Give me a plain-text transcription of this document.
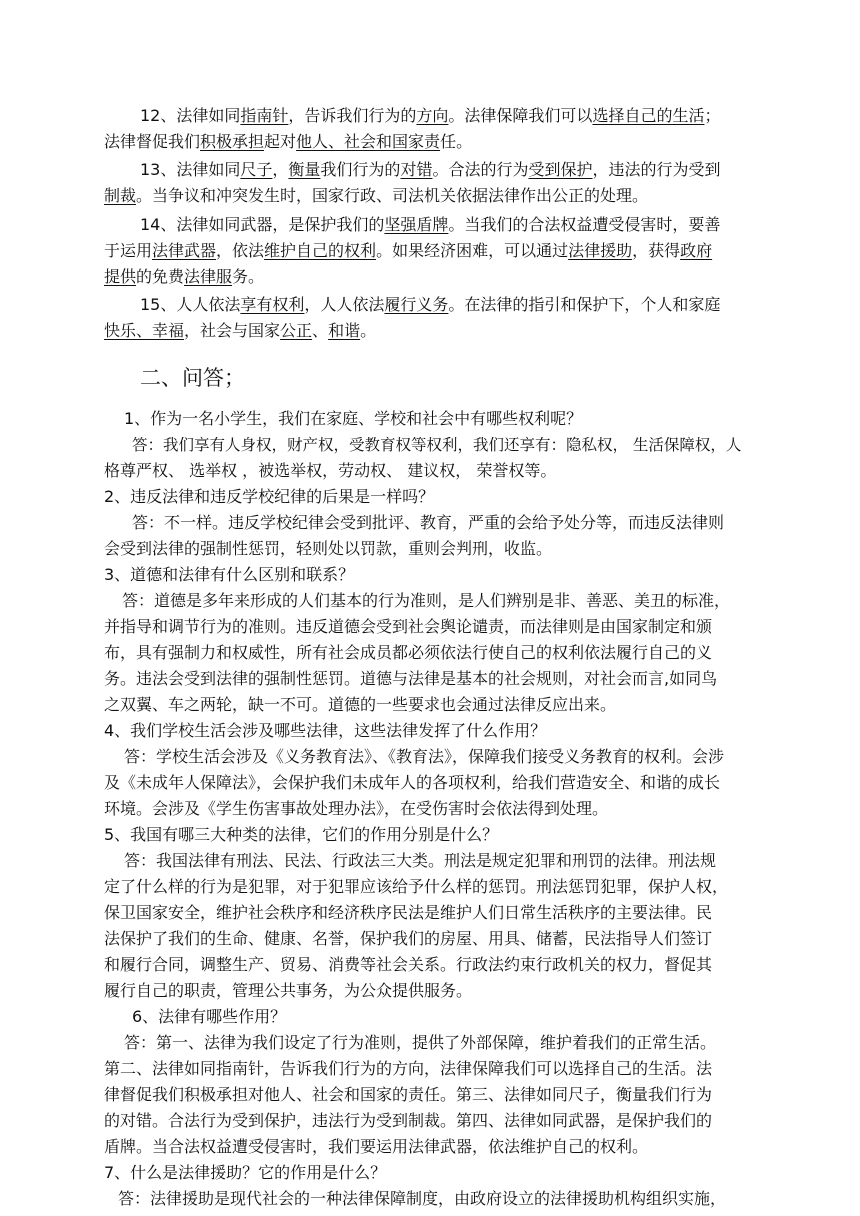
12、法律如同指南针，告诉我们行为的方向。法律保障我们可以选择自己的生活；
法律督促我们积极承担起对他人、社会和国家责任。
13、法律如同尺子，衡量我们行为的对错。合法的行为受到保护，违法的行为受到
制裁。当争议和冲突发生时，国家行政、司法机关依据法律作出公正的处理。
14、法律如同武器，是保护我们的坚强盾牌。当我们的合法权益遭受侵害时，要善
于运用法律武器，依法维护自己的权利。如果经济困难，可以通过法律援助，获得政府
提供的免费法律服务。
15、人人依法享有权利，人人依法履行义务。在法律的指引和保护下，个人和家庭
快乐、幸福，社会与国家公正、和谐。
二、问答；
1、作为一名小学生，我们在家庭、学校和社会中有哪些权利呢？
答：我们享有人身权，财产权，受教育权等权利，我们还享有：隐私权， 生活保障权，人
格尊严权、 选举权 ，被选举权，劳动权、 建议权， 荣誉权等。
2、违反法律和违反学校纪律的后果是一样吗？
答：不一样。违反学校纪律会受到批评、教育，严重的会给予处分等，而违反法律则
会受到法律的强制性惩罚，轻则处以罚款，重则会判刑，收监。
3、道德和法律有什么区别和联系？
答：道德是多年来形成的人们基本的行为准则，是人们辨别是非、善恶、美丑的标准，
并指导和调节行为的准则。违反道德会受到社会舆论谴责，而法律则是由国家制定和颁
布，具有强制力和权威性，所有社会成员都必须依法行使自己的权利依法履行自己的义
务。违法会受到法律的强制性惩罚。道德与法律是基本的社会规则，对社会而言,如同鸟
之双翼、车之两轮，缺一不可。道德的一些要求也会通过法律反应出来。
4、我们学校生活会涉及哪些法律，这些法律发挥了什么作用？
答：学校生活会涉及《义务教育法》、《教育法》，保障我们接受义务教育的权利。会涉
及《未成年人保障法》，会保护我们未成年人的各项权利，给我们营造安全、和谐的成长
环境。会涉及《学生伤害事故处理办法》，在受伤害时会依法得到处理。
5、我国有哪三大种类的法律，它们的作用分别是什么？
答：我国法律有刑法、民法、行政法三大类。刑法是规定犯罪和刑罚的法律。刑法规
定了什么样的行为是犯罪，对于犯罪应该给予什么样的惩罚。刑法惩罚犯罪，保护人权，
保卫国家安全，维护社会秩序和经济秩序民法是维护人们日常生活秩序的主要法律。民
法保护了我们的生命、健康、名誉，保护我们的房屋、用具、储蓄，民法指导人们签订
和履行合同，调整生产、贸易、消费等社会关系。行政法约束行政机关的权力，督促其
履行自己的职责，管理公共事务，为公众提供服务。
6、法律有哪些作用？
答：第一、法律为我们设定了行为准则，提供了外部保障，维护着我们的正常生活。
第二、法律如同指南针，告诉我们行为的方向，法律保障我们可以选择自己的生活。法
律督促我们积极承担对他人、社会和国家的责任。第三、法律如同尺子，衡量我们行为
的对错。合法行为受到保护，违法行为受到制裁。第四、法律如同武器，是保护我们的
盾牌。当合法权益遭受侵害时，我们要运用法律武器，依法维护自己的权利。
7、什么是法律援助？它的作用是什么？
答：法律援助是现代社会的一种法律保障制度，由政府设立的法律援助机构组织实施，
